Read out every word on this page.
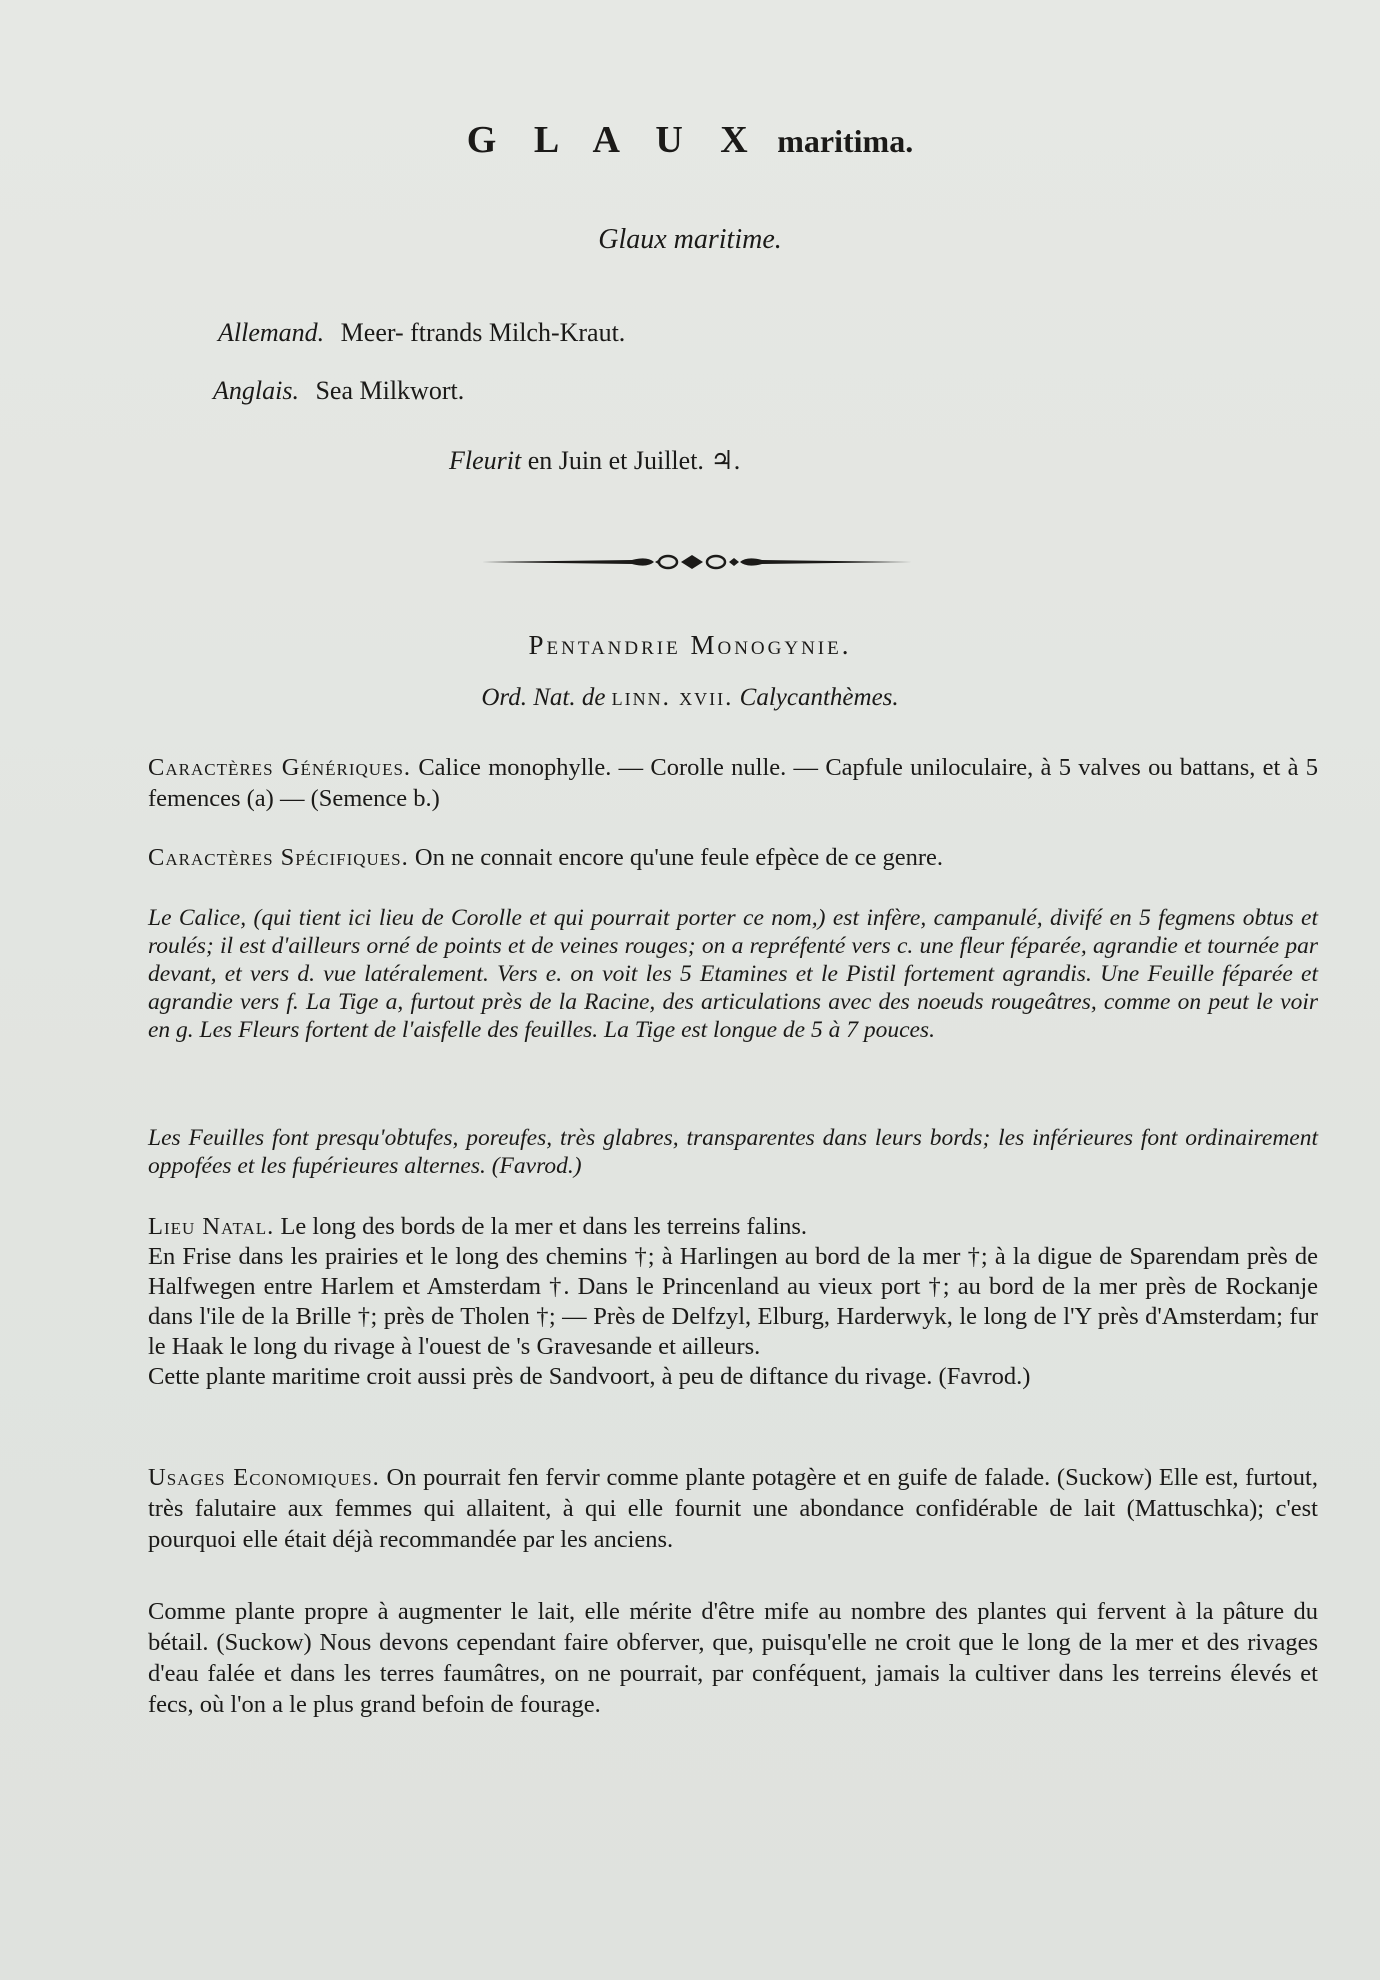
G L A U X maritima.
Glaux maritime.
Allemand. Meer- ftrands Milch-Kraut.
Anglais. Sea Milkwort.
Fleurit en Juin et Juillet. ♃.
Pentandrie Monogynie.
Ord. Nat. de linn. xvii. Calycanthèmes.

Caractères Génériques. Calice monophylle. — Corolle nulle. — Capfule uniloculaire, à 5 valves ou battans, et à 5 femences (a) — (Semence b.)

Caractères Spécifiques. On ne connait encore qu'une feule efpèce de ce genre.

Le Calice, (qui tient ici lieu de Corolle et qui pourrait porter ce nom,) est infère, campanulé, divifé en 5 fegmens obtus et roulés; il est d'ailleurs orné de points et de veines rouges; on a repréfenté vers c. une fleur féparée, agrandie et tournée par devant, et vers d. vue latéralement. Vers e. on voit les 5 Etamines et le Pistil fortement agrandis. Une Feuille féparée et agrandie vers f. La Tige a, furtout près de la Racine, des articulations avec des noeuds rougeâtres, comme on peut le voir en g. Les Fleurs fortent de l'aisfelle des feuilles. La Tige est longue de 5 à 7 pouces.

Les Feuilles font presqu'obtufes, poreufes, très glabres, transparentes dans leurs bords; les inférieures font ordinairement oppofées et les fupérieures alternes. (Favrod.)

Lieu Natal. Le long des bords de la mer et dans les terreins falins.
En Frise dans les prairies et le long des chemins †; à Harlingen au bord de la mer †; à la digue de Sparendam près de Halfwegen entre Harlem et Amsterdam †. Dans le Princenland au vieux port †; au bord de la mer près de Rockanje dans l'ile de la Brille †; près de Tholen †; — Près de Delfzyl, Elburg, Harderwyk, le long de l'Y près d'Amsterdam; fur le Haak le long du rivage à l'ouest de 's Gravesande et ailleurs.
Cette plante maritime croit aussi près de Sandvoort, à peu de diftance du rivage. (Favrod.)

Usages Economiques. On pourrait fen fervir comme plante potagère et en guife de falade. (Suckow) Elle est, furtout, très falutaire aux femmes qui allaitent, à qui elle fournit une abondance confidérable de lait (Mattuschka); c'est pourquoi elle était déjà recommandée par les anciens.

Comme plante propre à augmenter le lait, elle mérite d'être mife au nombre des plantes qui fervent à la pâture du bétail. (Suckow) Nous devons cependant faire obferver, que, puisqu'elle ne croit que le long de la mer et des rivages d'eau falée et dans les terres faumâtres, on ne pourrait, par conféquent, jamais la cultiver dans les terreins élevés et fecs, où l'on a le plus grand befoin de fourage.
